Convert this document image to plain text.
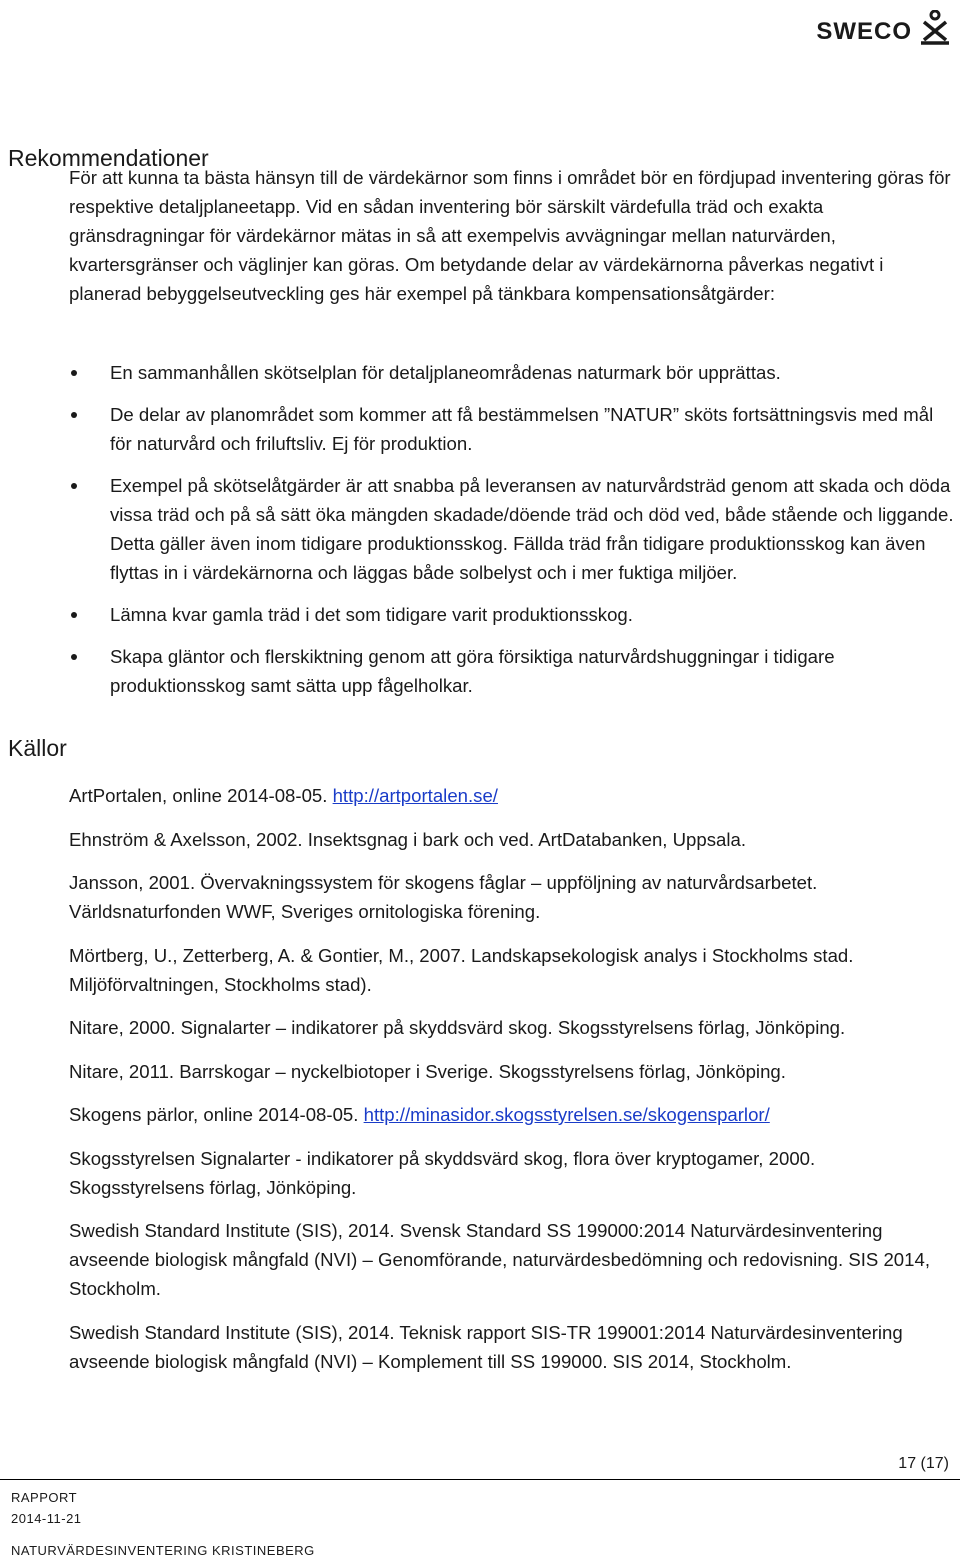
SWECO
Rekommendationer

För att kunna ta bästa hänsyn till de värdekärnor som finns i området bör en fördjupad inventering göras för respektive detaljplaneetapp. Vid en sådan inventering bör särskilt värdefulla träd och exakta gränsdragningar för värdekärnor mätas in så att exempelvis avvägningar mellan naturvärden, kvartersgränser och väglinjer kan göras. Om betydande delar av värdekärnorna påverkas negativt i planerad bebyggelseutveckling ges här exempel på tänkbara kompensationsåtgärder:

En sammanhållen skötselplan för detaljplaneområdenas naturmark bör upprättas.
De delar av planområdet som kommer att få bestämmelsen ”NATUR” sköts fortsättningsvis med mål för naturvård och friluftsliv. Ej för produktion.
Exempel på skötselåtgärder är att snabba på leveransen av naturvårdsträd genom att skada och döda vissa träd och på så sätt öka mängden skadade/döende träd och död ved, både stående och liggande. Detta gäller även inom tidigare produktionsskog. Fällda träd från tidigare produktionsskog kan även flyttas in i värdekärnorna och läggas både solbelyst och i mer fuktiga miljöer.
Lämna kvar gamla träd i det som tidigare varit produktionsskog.
Skapa gläntor och flerskiktning genom att göra försiktiga naturvårdshuggningar i tidigare produktionsskog samt sätta upp fågelholkar.
Källor
ArtPortalen, online 2014-08-05. http://artportalen.se/
Ehnström & Axelsson, 2002. Insektsgnag i bark och ved. ArtDatabanken, Uppsala.
Jansson, 2001. Övervakningssystem för skogens fåglar – uppföljning av naturvårdsarbetet. Världsnaturfonden WWF, Sveriges ornitologiska förening.
Mörtberg, U., Zetterberg, A. & Gontier, M., 2007. Landskapsekologisk analys i Stockholms stad. Miljöförvaltningen, Stockholms stad).
Nitare, 2000. Signalarter – indikatorer på skyddsvärd skog. Skogsstyrelsens förlag, Jönköping.
Nitare, 2011. Barrskogar – nyckelbiotoper i Sverige. Skogsstyrelsens förlag, Jönköping.
Skogens pärlor, online 2014-08-05. http://minasidor.skogsstyrelsen.se/skogensparlor/
Skogsstyrelsen Signalarter - indikatorer på skyddsvärd skog, flora över kryptogamer, 2000. Skogsstyrelsens förlag, Jönköping.
Swedish Standard Institute (SIS), 2014. Svensk Standard SS 199000:2014 Naturvärdesinventering avseende biologisk mångfald (NVI) – Genomförande, naturvärdesbedömning och redovisning. SIS 2014, Stockholm.
Swedish Standard Institute (SIS), 2014. Teknisk rapport SIS-TR 199001:2014 Naturvärdesinventering avseende biologisk mångfald (NVI) – Komplement till SS 199000. SIS 2014, Stockholm.
17 (17)
RAPPORT
2014-11-21
NATURVÄRDESINVENTERING KRISTINEBERG
